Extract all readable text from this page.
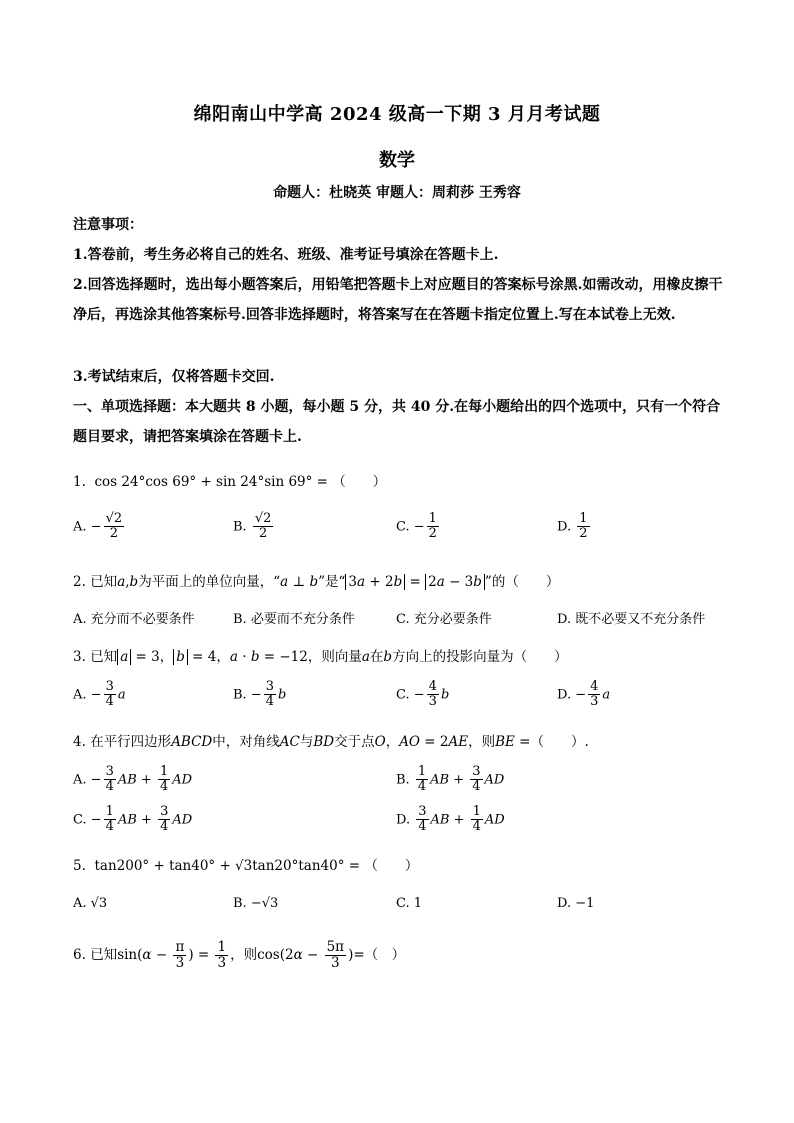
绵阳南山中学高 2024 级高一下期 3 月月考试题
数学
命题人：杜晓英 审题人：周莉莎 王秀容
注意事项：
1.答卷前，考生务必将自己的姓名、班级、准考证号填涂在答题卡上.
2.回答选择题时，选出每小题答案后，用铅笔把答题卡上对应题目的答案标号涂黑.如需改动，用橡皮擦干净后，再选涂其他答案标号.回答非选择题时，将答案写在在答题卡指定位置上.写在本试卷上无效.
3.考试结束后，仅将答题卡交回.
一、单项选择题：本大题共 8 小题，每小题 5 分，共 40 分.在每小题给出的四个选项中，只有一个符合题目要求，请把答案填涂在答题卡上.
1. cos 24°cos 69° + sin 24°sin 69° = （　　）
A. − $\frac{√2}{2}$	B. $\frac{√2}{2}$	C. − $\frac{1}{2}$	D. $\frac{1}{2}$
2. 已知a,b为平面上的单位向量，“a ⊥ b”是“ 3a + 2b = 2a − 3b ”的（　　）
A. 充分而不必要条件	B. 必要而不充分条件	C. 充分必要条件	D. 既不必要又不充分条件
3. 已知 a = 3， b = 4，a · b = −12，则向量a在b方向上的投影向量为（　　）
A. − $\frac{3}{4}$ a	B. − $\frac{3}{4}$ b	C. − $\frac{4}{3}$ b	D. − $\frac{4}{3}$ a
4. 在平行四边形ABCD中，对角线AC与BD交于点O，AO = 2AE，则BE =（　　）.
A. − $\frac{3}{4}$ AB + $\frac{1}{4}$ AD	B. $\frac{1}{4}$ AB + $\frac{3}{4}$ AD
C. − $\frac{1}{4}$ AB + $\frac{3}{4}$ AD	D. $\frac{3}{4}$ AB + $\frac{1}{4}$ AD
5. tan200° + tan40° + √3tan20°tan40° = （　　）
A. √3	B. −√3	C. 1	D. −1
6. 已知$\sin(\alpha - \frac{\pi}{3}$ ) = $\frac{1}{3}$ ，则$\cos(2\alpha - \frac{5\pi}{3}$ )=（　）
